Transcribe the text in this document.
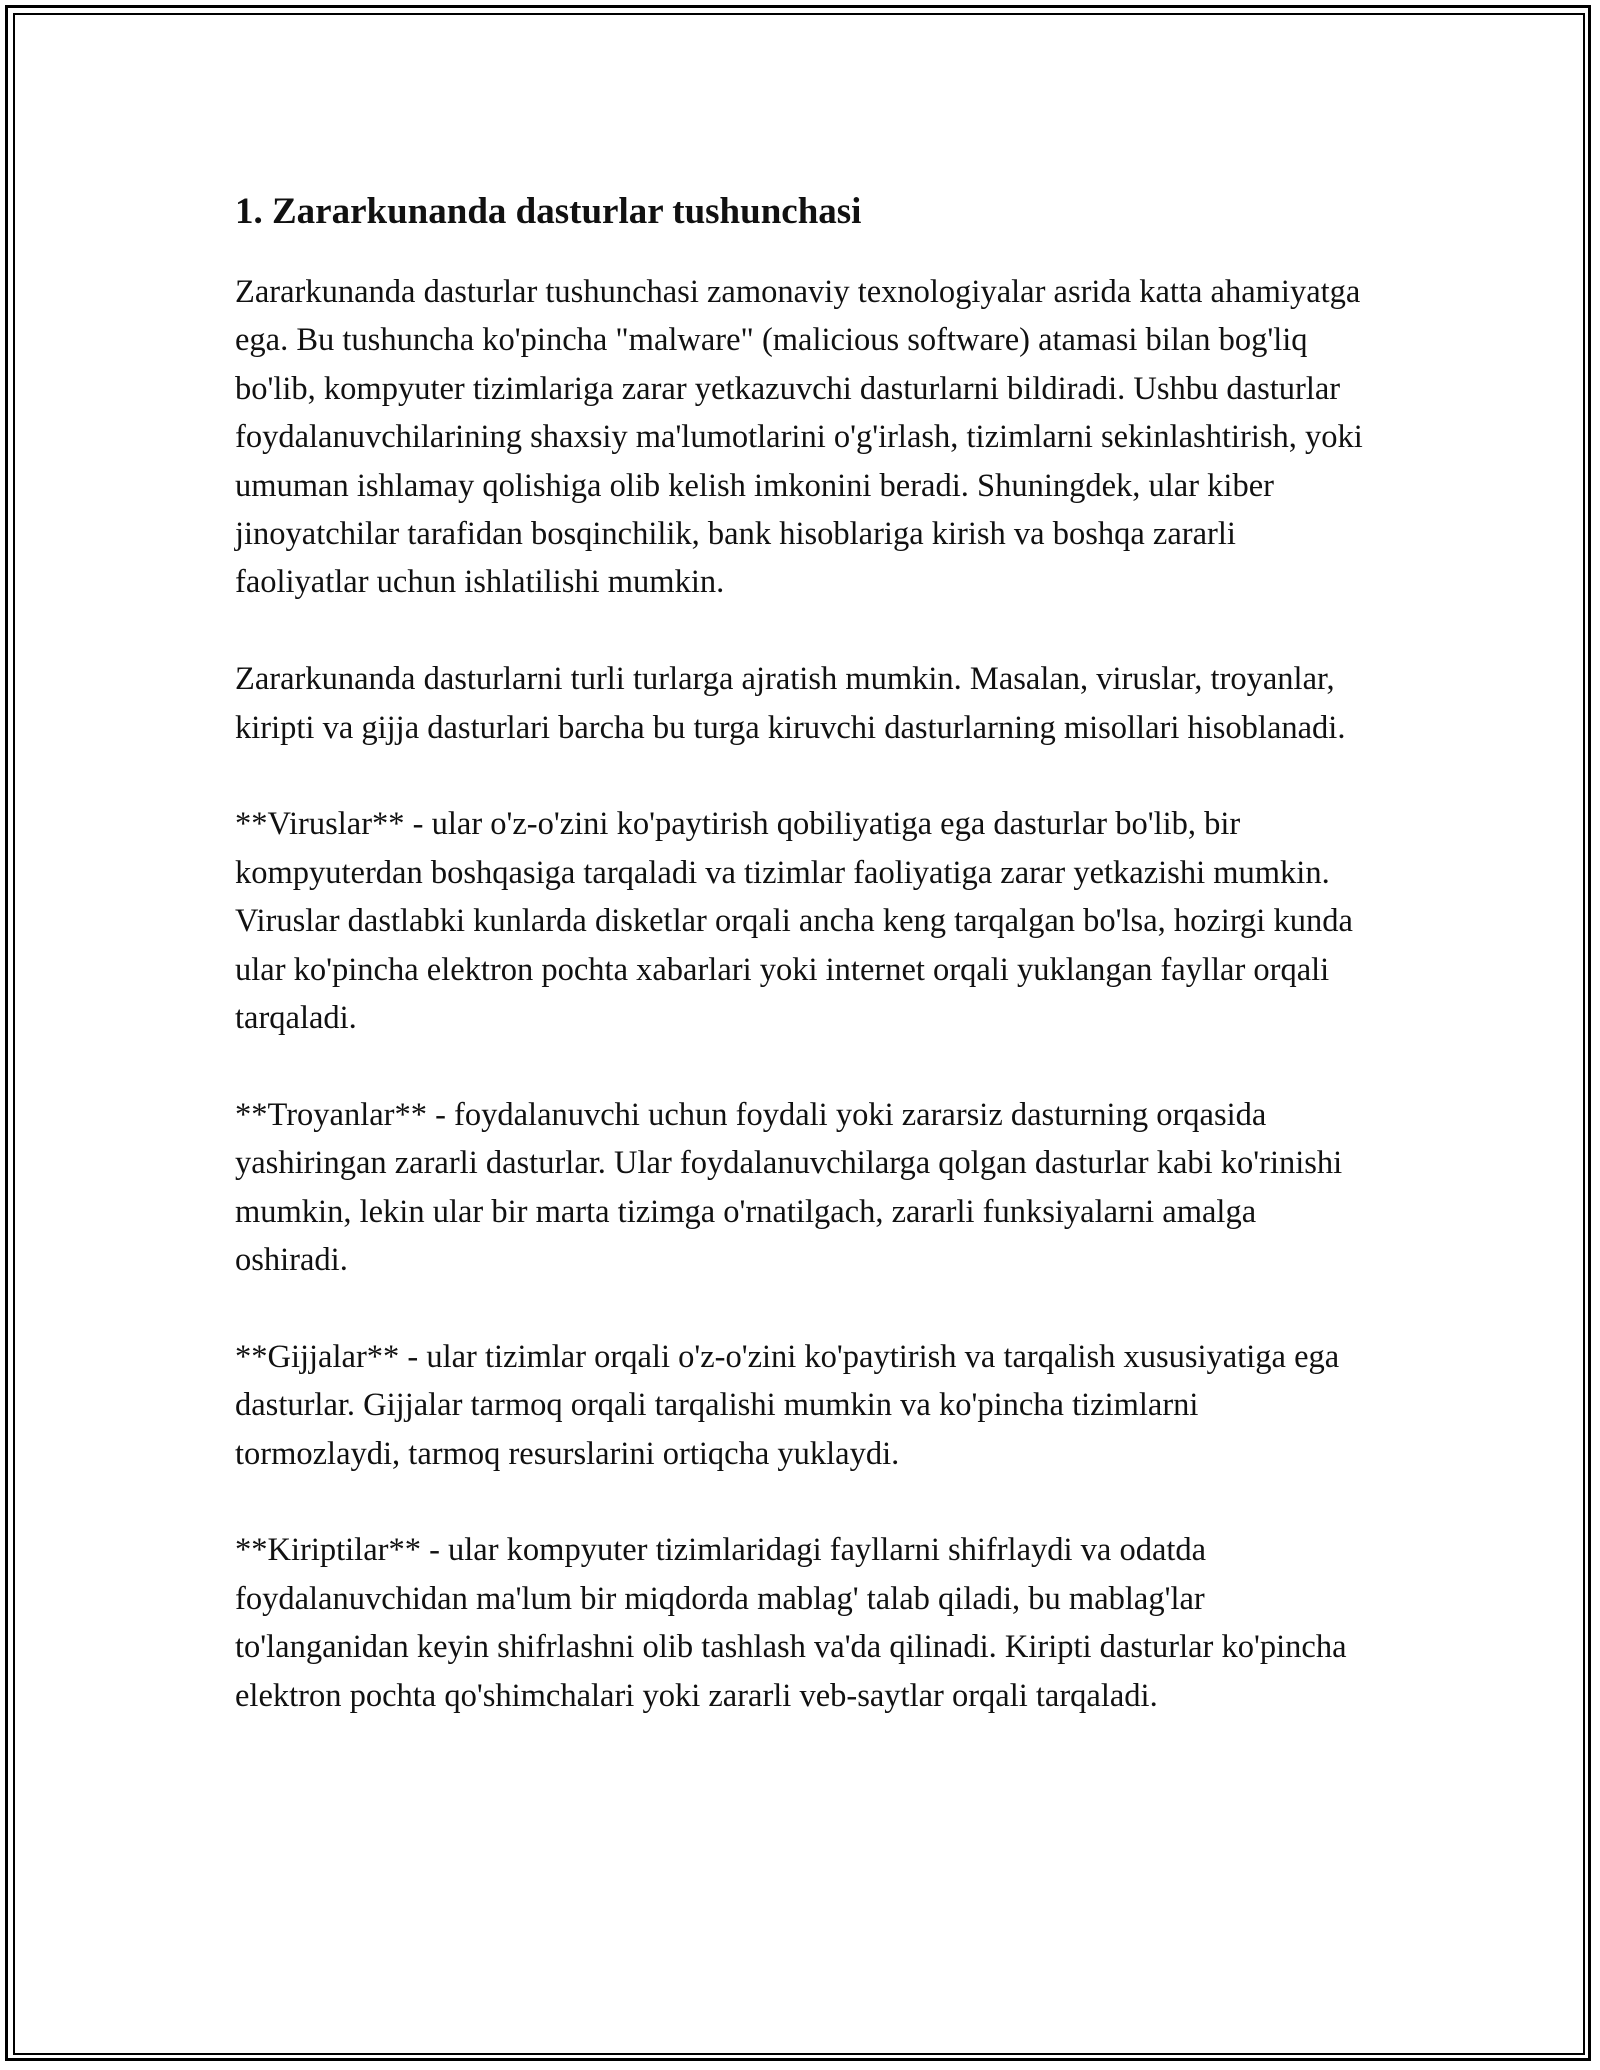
1. Zararkunanda dasturlar tushunchasi

Zararkunanda dasturlar tushunchasi zamonaviy texnologiyalar asrida katta ahamiyatga ega. Bu tushuncha ko'pincha "malware" (malicious software) atamasi bilan bog'liq bo'lib, kompyuter tizimlariga zarar yetkazuvchi dasturlarni bildiradi. Ushbu dasturlar foydalanuvchilarining shaxsiy ma'lumotlarini o'g'irlash, tizimlarni sekinlashtirish, yoki umuman ishlamay qolishiga olib kelish imkonini beradi. Shuningdek, ular kiber jinoyatchilar tarafidan bosqinchilik, bank hisoblariga kirish va boshqa zararli faoliyatlar uchun ishlatilishi mumkin.

Zararkunanda dasturlarni turli turlarga ajratish mumkin. Masalan, viruslar, troyanlar, kiripti va gijja dasturlari barcha bu turga kiruvchi dasturlarning misollari hisoblanadi.

**Viruslar** - ular o'z-o'zini ko'paytirish qobiliyatiga ega dasturlar bo'lib, bir kompyuterdan boshqasiga tarqaladi va tizimlar faoliyatiga zarar yetkazishi mumkin. Viruslar dastlabki kunlarda disketlar orqali ancha keng tarqalgan bo'lsa, hozirgi kunda ular ko'pincha elektron pochta xabarlari yoki internet orqali yuklangan fayllar orqali tarqaladi.

**Troyanlar** - foydalanuvchi uchun foydali yoki zararsiz dasturning orqasida yashiringan zararli dasturlar. Ular foydalanuvchilarga qolgan dasturlar kabi ko'rinishi mumkin, lekin ular bir marta tizimga o'rnatilgach, zararli funksiyalarni amalga oshiradi.

**Gijjalar** - ular tizimlar orqali o'z-o'zini ko'paytirish va tarqalish xususiyatiga ega dasturlar. Gijjalar tarmoq orqali tarqalishi mumkin va ko'pincha tizimlarni tormozlaydi, tarmoq resurslarini ortiqcha yuklaydi.

**Kiriptilar** - ular kompyuter tizimlaridagi fayllarni shifrlaydi va odatda foydalanuvchidan ma'lum bir miqdorda mablag' talab qiladi, bu mablag'lar to'langanidan keyin shifrlashni olib tashlash va'da qilinadi. Kiripti dasturlar ko'pincha elektron pochta qo'shimchalari yoki zararli veb-saytlar orqali tarqaladi.
